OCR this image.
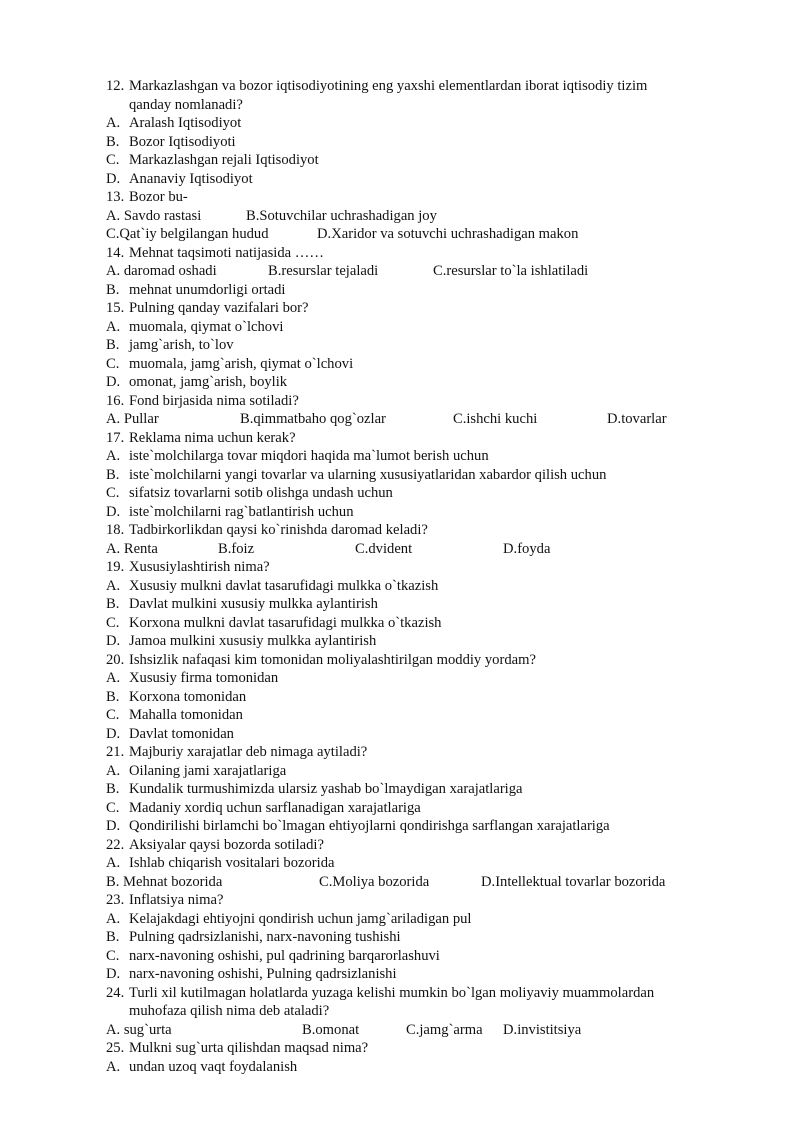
12. Markazlashgan va bozor iqtisodiyotining eng yaxshi elementlardan iborat iqtisodiy tizim
qanday nomlanadi?
A. Aralash Iqtisodiyot
B. Bozor Iqtisodiyoti
C. Markazlashgan rejali Iqtisodiyot
D. Ananaviy Iqtisodiyot
13. Bozor bu-
A. Savdo rastasi	B.Sotuvchilar uchrashadigan joy
C.Qat`iy belgilangan hudud	D.Xaridor va sotuvchi uchrashadigan makon
14. Mehnat taqsimoti natijasida ……
A. daromad oshadi	B.resurslar tejaladi	C.resurslar to`la ishlatiladi
B. mehnat unumdorligi ortadi
15. Pulning qanday vazifalari bor?
A. muomala, qiymat o`lchovi
B. jamg`arish, to`lov
C. muomala, jamg`arish, qiymat o`lchovi
D. omonat, jamg`arish, boylik
16. Fond birjasida nima sotiladi?
A. Pullar	B.qimmatbaho qog`ozlar	C.ishchi kuchi	D.tovarlar
17. Reklama nima uchun kerak?
A. iste`molchilarga tovar miqdori haqida ma`lumot berish uchun
B. iste`molchilarni yangi tovarlar va ularning xususiyatlaridan xabardor qilish uchun
C. sifatsiz tovarlarni sotib olishga undash uchun
D. iste`molchilarni rag`batlantirish uchun
18. Tadbirkorlikdan qaysi ko`rinishda daromad keladi?
A. Renta	B.foiz	C.dvident	D.foyda
19. Xususiylashtirish nima?
A. Xususiy mulkni davlat tasarufidagi mulkka o`tkazish
B. Davlat mulkini xususiy mulkka aylantirish
C. Korxona mulkni davlat tasarufidagi mulkka o`tkazish
D. Jamoa mulkini xususiy mulkka aylantirish
20. Ishsizlik nafaqasi kim tomonidan moliyalashtirilgan moddiy yordam?
A. Xususiy firma tomonidan
B. Korxona tomonidan
C. Mahalla tomonidan
D. Davlat tomonidan
21. Majburiy xarajatlar deb nimaga aytiladi?
A. Oilaning jami xarajatlariga
B. Kundalik turmushimizda ularsiz yashab bo`lmaydigan xarajatlariga
C. Madaniy xordiq uchun sarflanadigan xarajatlariga
D. Qondirilishi birlamchi bo`lmagan ehtiyojlarni qondirishga sarflangan xarajatlariga
22. Aksiyalar qaysi bozorda sotiladi?
A. Ishlab chiqarish vositalari bozorida
B. Mehnat bozorida	C.Moliya bozorida	D.Intellektual tovarlar bozorida
23. Inflatsiya nima?
A. Kelajakdagi ehtiyojni qondirish uchun jamg`ariladigan pul
B. Pulning qadrsizlanishi, narx-navoning tushishi
C. narx-navoning oshishi, pul qadrining barqarorlashuvi
D. narx-navoning oshishi, Pulning qadrsizlanishi
24. Turli xil kutilmagan holatlarda yuzaga kelishi mumkin bo`lgan moliyaviy muammolardan
muhofaza qilish nima deb ataladi?
A. sug`urta	B.omonat	C.jamg`arma D.invistitsiya
25. Mulkni sug`urta qilishdan maqsad nima?
A. undan uzoq vaqt foydalanish
